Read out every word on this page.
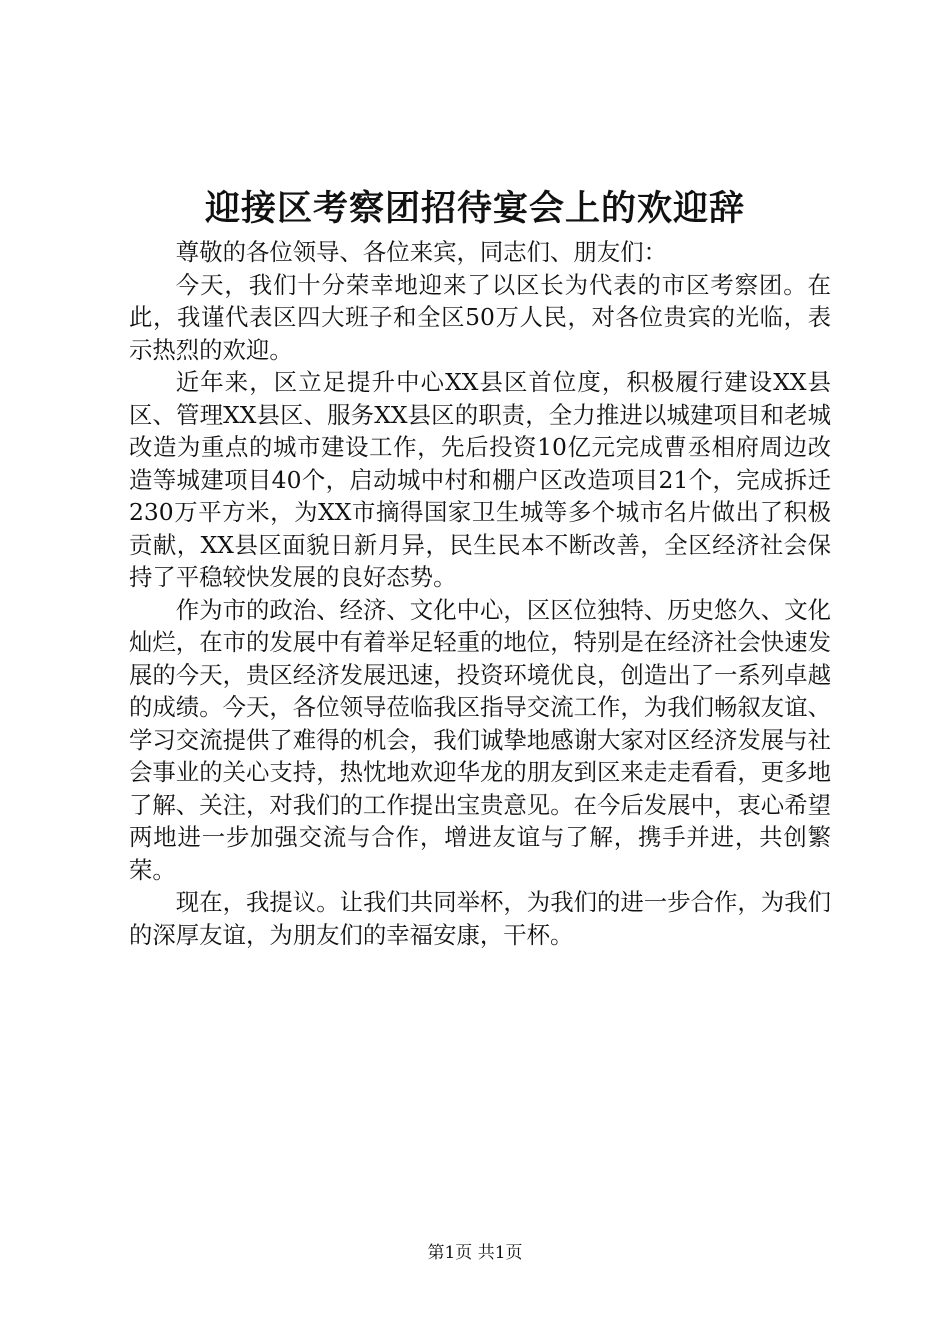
迎接区考察团招待宴会上的欢迎辞

尊敬的各位领导、各位来宾，同志们、朋友们：

今天，我们十分荣幸地迎来了以区长为代表的市区考察团。在此，我谨代表区四大班子和全区50万人民，对各位贵宾的光临，表示热烈的欢迎。

近年来，区立足提升中心XX县区首位度，积极履行建设XX县区、管理XX县区、服务XX县区的职责，全力推进以城建项目和老城改造为重点的城市建设工作，先后投资10亿元完成曹丞相府周边改造等城建项目40个，启动城中村和棚户区改造项目21个，完成拆迁230万平方米，为XX市摘得国家卫生城等多个城市名片做出了积极贡献，XX县区面貌日新月异，民生民本不断改善，全区经济社会保持了平稳较快发展的良好态势。

作为市的政治、经济、文化中心，区区位独特、历史悠久、文化灿烂，在市的发展中有着举足轻重的地位，特别是在经济社会快速发展的今天，贵区经济发展迅速，投资环境优良，创造出了一系列卓越的成绩。今天，各位领导莅临我区指导交流工作，为我们畅叙友谊、学习交流提供了难得的机会，我们诚挚地感谢大家对区经济发展与社会事业的关心支持，热忱地欢迎华龙的朋友到区来走走看看，更多地了解、关注，对我们的工作提出宝贵意见。在今后发展中，衷心希望两地进一步加强交流与合作，增进友谊与了解，携手并进，共创繁荣。

现在，我提议。让我们共同举杯，为我们的进一步合作，为我们的深厚友谊，为朋友们的幸福安康，干杯。

第1页 共1页
